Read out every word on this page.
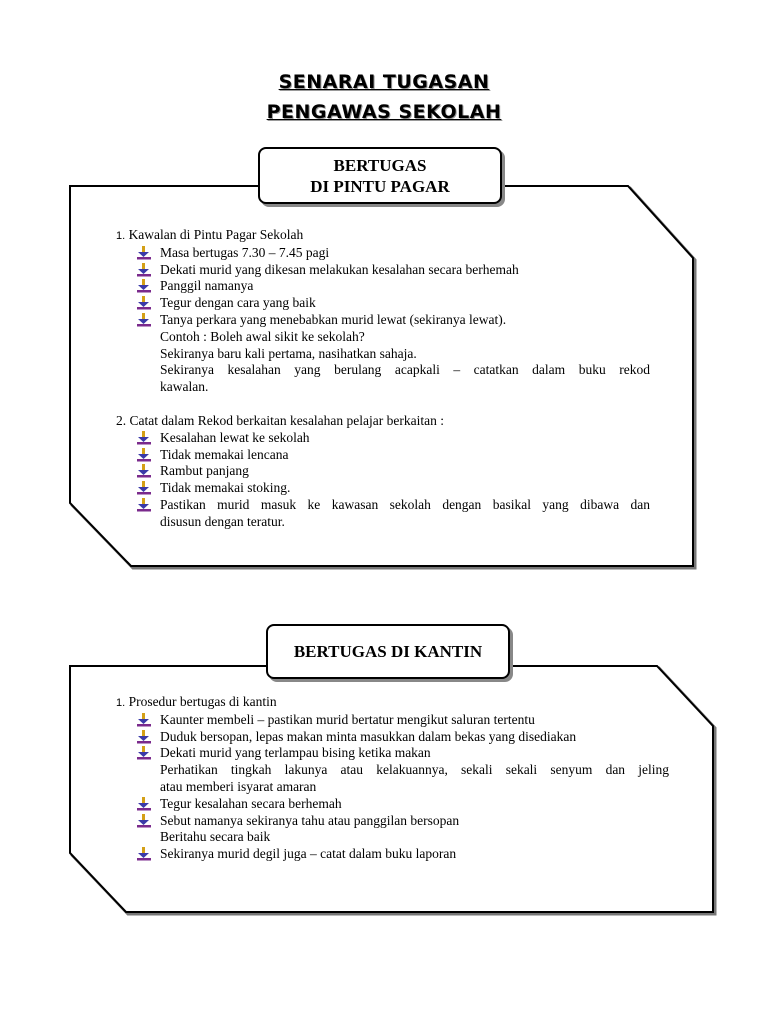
SENARAI TUGASAN
PENGAWAS SEKOLAH
BERTUGAS
DI PINTU PAGAR
1. Kawalan di Pintu Pagar Sekolah
Masa bertugas 7.30 – 7.45 pagi
Dekati murid yang dikesan melakukan kesalahan secara berhemah
Panggil namanya
Tegur dengan cara yang baik
Tanya perkara yang menebabkan murid lewat (sekiranya lewat).
Contoh : Boleh awal sikit ke sekolah?
Sekiranya baru kali pertama, nasihatkan sahaja.
Sekiranya kesalahan yang berulang acapkali – catatkan dalam buku rekod
kawalan.
2. Catat dalam Rekod berkaitan kesalahan pelajar berkaitan :
Kesalahan lewat ke sekolah
Tidak memakai lencana
Rambut panjang
Tidak memakai stoking.
Pastikan murid masuk ke kawasan sekolah dengan basikal yang dibawa dan
disusun dengan teratur.
BERTUGAS DI KANTIN
1. Prosedur bertugas di kantin
Kaunter membeli – pastikan murid bertatur mengikut saluran tertentu
Duduk bersopan, lepas makan minta masukkan dalam bekas yang disediakan
Dekati murid yang terlampau bising ketika makan
Perhatikan tingkah lakunya atau kelakuannya, sekali sekali senyum dan jeling
atau memberi isyarat amaran
Tegur kesalahan secara berhemah
Sebut namanya sekiranya tahu atau panggilan bersopan
Beritahu secara baik
Sekiranya murid degil juga – catat dalam buku laporan
